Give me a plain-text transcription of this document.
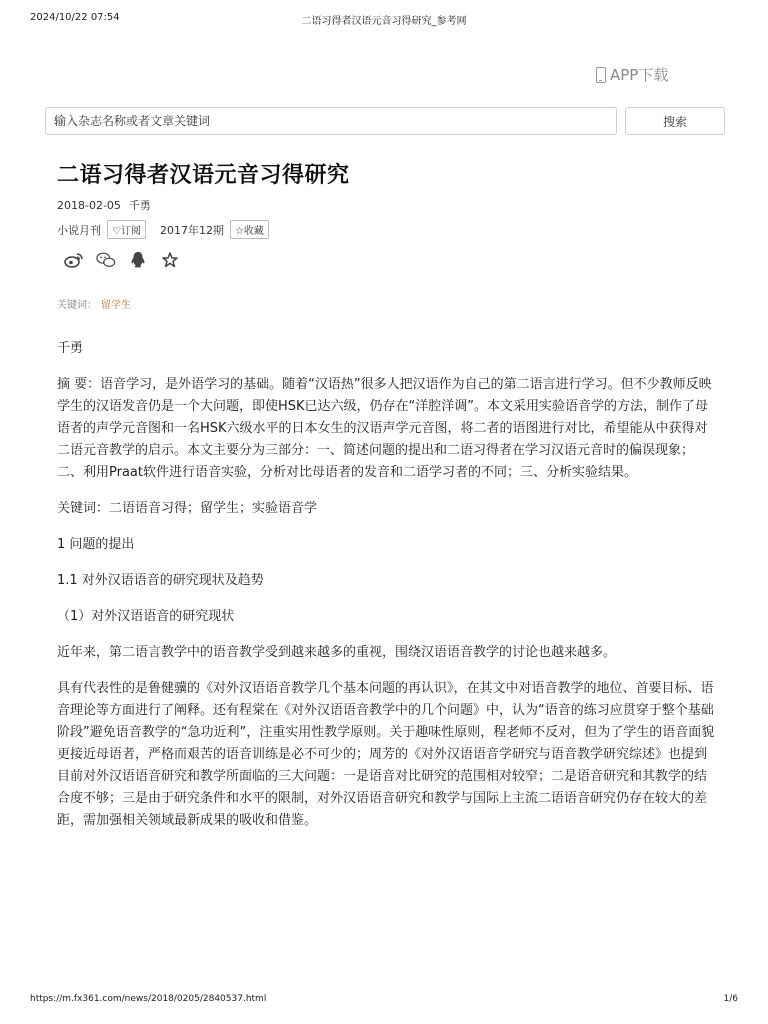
2024/10/22 07:54	二语习得者汉语元音习得研究_参考网
APP下载
输入杂志名称或者文章关键词
搜索
二语习得者汉语元音习得研究
2018-02-05 千勇
小说月刊	♡订阅	2017年12期	☆收藏
关键词： 留学生

千勇

摘 要：语音学习，是外语学习的基础。随着“汉语热”很多人把汉语作为自己的第二语言进行学习。但不少教师反映学生的汉语发音仍是一个大问题，即使HSK已达六级，仍存在“洋腔洋调”。本文采用实验语音学的方法，制作了母语者的声学元音图和一名HSK六级水平的日本女生的汉语声学元音图，将二者的语图进行对比，希望能从中获得对二语元音教学的启示。本文主要分为三部分：一、简述问题的提出和二语习得者在学习汉语元音时的偏误现象；二、利用Praat软件进行语音实验，分析对比母语者的发音和二语学习者的不同；三、分析实验结果。

关键词：二语语音习得；留学生；实验语音学

1 问题的提出

1.1 对外汉语语音的研究现状及趋势

（1）对外汉语语音的研究现状

近年来，第二语言教学中的语音教学受到越来越多的重视，围绕汉语语音教学的讨论也越来越多。

具有代表性的是鲁健骥的《对外汉语语音教学几个基本问题的再认识》，在其文中对语音教学的地位、首要目标、语音理论等方面进行了阐释。还有程棠在《对外汉语语音教学中的几个问题》中，认为“语音的练习应贯穿于整个基础阶段”避免语音教学的“急功近利”，注重实用性教学原则。关于趣味性原则，程老师不反对，但为了学生的语音面貌更接近母语者，严格而艰苦的语音训练是必不可少的；周芳的《对外汉语语音学研究与语音教学研究综述》也提到目前对外汉语语音研究和教学所面临的三大问题：一是语音对比研究的范围相对较窄；二是语音研究和其教学的结合度不够；三是由于研究条件和水平的限制，对外汉语语音研究和教学与国际上主流二语语音研究仍存在较大的差距，需加强相关领域最新成果的吸收和借鉴。

https://m.fx361.com/news/2018/0205/2840537.html	1/6
